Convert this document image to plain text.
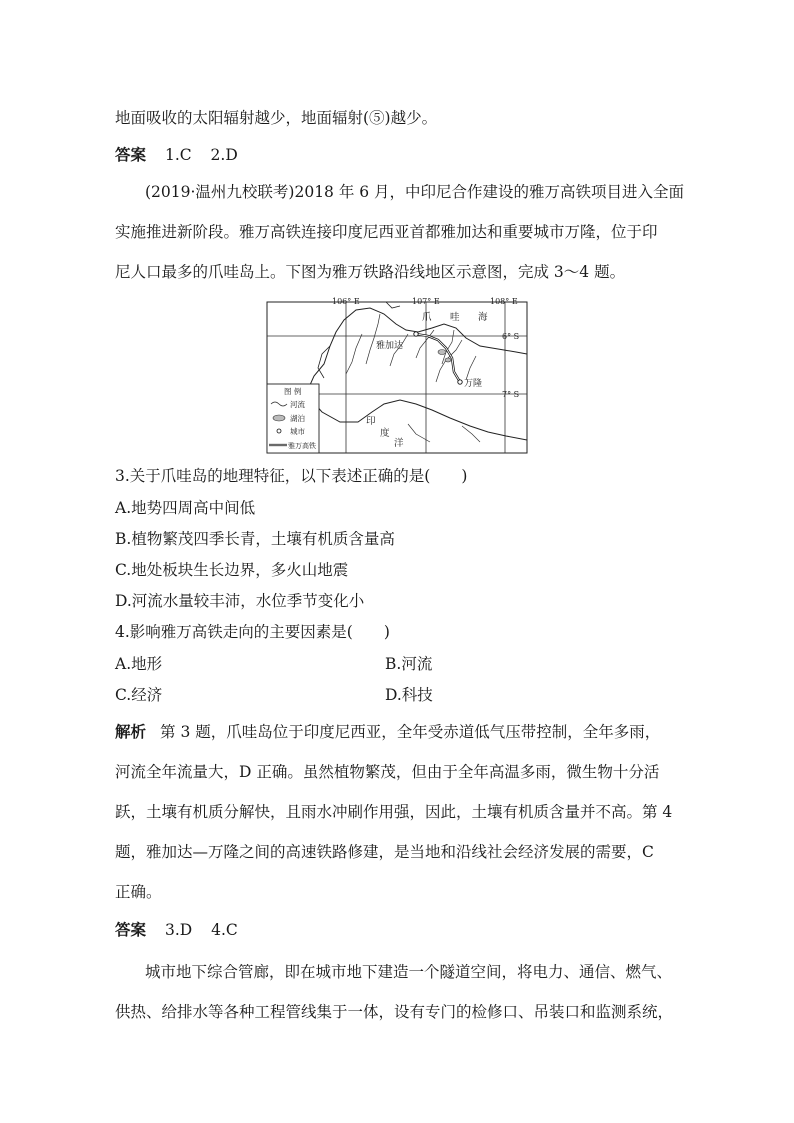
地面吸收的太阳辐射越少，地面辐射(⑤)越少。
答案 1.C 2.D
(2019·温州九校联考)2018 年 6 月，中印尼合作建设的雅万高铁项目进入全面
实施推进新阶段。雅万高铁连接印度尼西亚首都雅加达和重要城市万隆，位于印
尼人口最多的爪哇岛上。下图为雅万铁路沿线地区示意图，完成 3～4 题。
106° E	107° E	108° E
6° S
7° S
雅加达
万隆
爪 哇 海
印
度
洋
图 例
河流
湖泊
城市
雅万高铁
3.关于爪哇岛的地理特征，以下表述正确的是(　　)
A.地势四周高中间低
B.植物繁茂四季长青，土壤有机质含量高
C.地处板块生长边界，多火山地震
D.河流水量较丰沛，水位季节变化小
4.影响雅万高铁走向的主要因素是(　　)
A.地形	B.河流
C.经济	D.科技
解析 第 3 题，爪哇岛位于印度尼西亚，全年受赤道低气压带控制，全年多雨，
河流全年流量大，D 正确。虽然植物繁茂，但由于全年高温多雨，微生物十分活
跃，土壤有机质分解快，且雨水冲刷作用强，因此，土壤有机质含量并不高。第 4
题，雅加达—万隆之间的高速铁路修建，是当地和沿线社会经济发展的需要，C
正确。
答案 3.D 4.C
城市地下综合管廊，即在城市地下建造一个隧道空间，将电力、通信、燃气、
供热、给排水等各种工程管线集于一体，设有专门的检修口、吊装口和监测系统，
